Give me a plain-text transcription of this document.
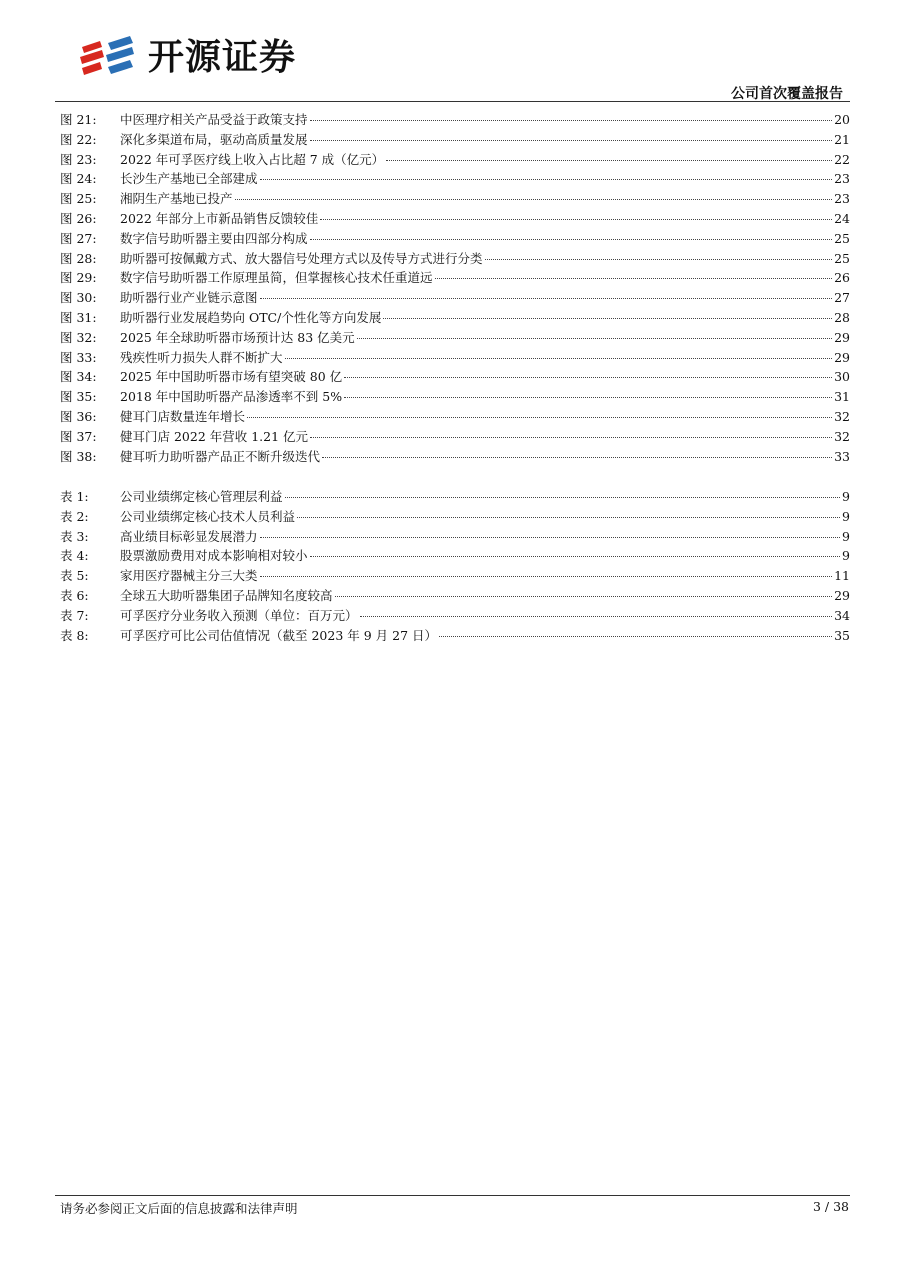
开源证券
公司首次覆盖报告
图 21:	中医理疗相关产品受益于政策支持	20
图 22:	深化多渠道布局，驱动高质量发展	21
图 23:	2022 年可孚医疗线上收入占比超 7 成（亿元）	22
图 24:	长沙生产基地已全部建成	23
图 25:	湘阴生产基地已投产	23
图 26:	2022 年部分上市新品销售反馈较佳	24
图 27:	数字信号助听器主要由四部分构成	25
图 28:	助听器可按佩戴方式、放大器信号处理方式以及传导方式进行分类	25
图 29:	数字信号助听器工作原理虽简，但掌握核心技术任重道远	26
图 30:	助听器行业产业链示意图	27
图 31:	助听器行业发展趋势向 OTC/个性化等方向发展	28
图 32:	2025 年全球助听器市场预计达 83 亿美元	29
图 33:	残疾性听力损失人群不断扩大	29
图 34:	2025 年中国助听器市场有望突破 80 亿	30
图 35:	2018 年中国助听器产品渗透率不到 5%	31
图 36:	健耳门店数量连年增长	32
图 37:	健耳门店 2022 年营收 1.21 亿元	32
图 38:	健耳听力助听器产品正不断升级迭代	33
表 1:	公司业绩绑定核心管理层利益	9
表 2:	公司业绩绑定核心技术人员利益	9
表 3:	高业绩目标彰显发展潜力	9
表 4:	股票激励费用对成本影响相对较小	9
表 5:	家用医疗器械主分三大类	11
表 6:	全球五大助听器集团子品牌知名度较高	29
表 7:	可孚医疗分业务收入预测（单位：百万元）	34
表 8:	可孚医疗可比公司估值情况（截至 2023 年 9 月 27 日）	35
请务必参阅正文后面的信息披露和法律声明	3 / 38
